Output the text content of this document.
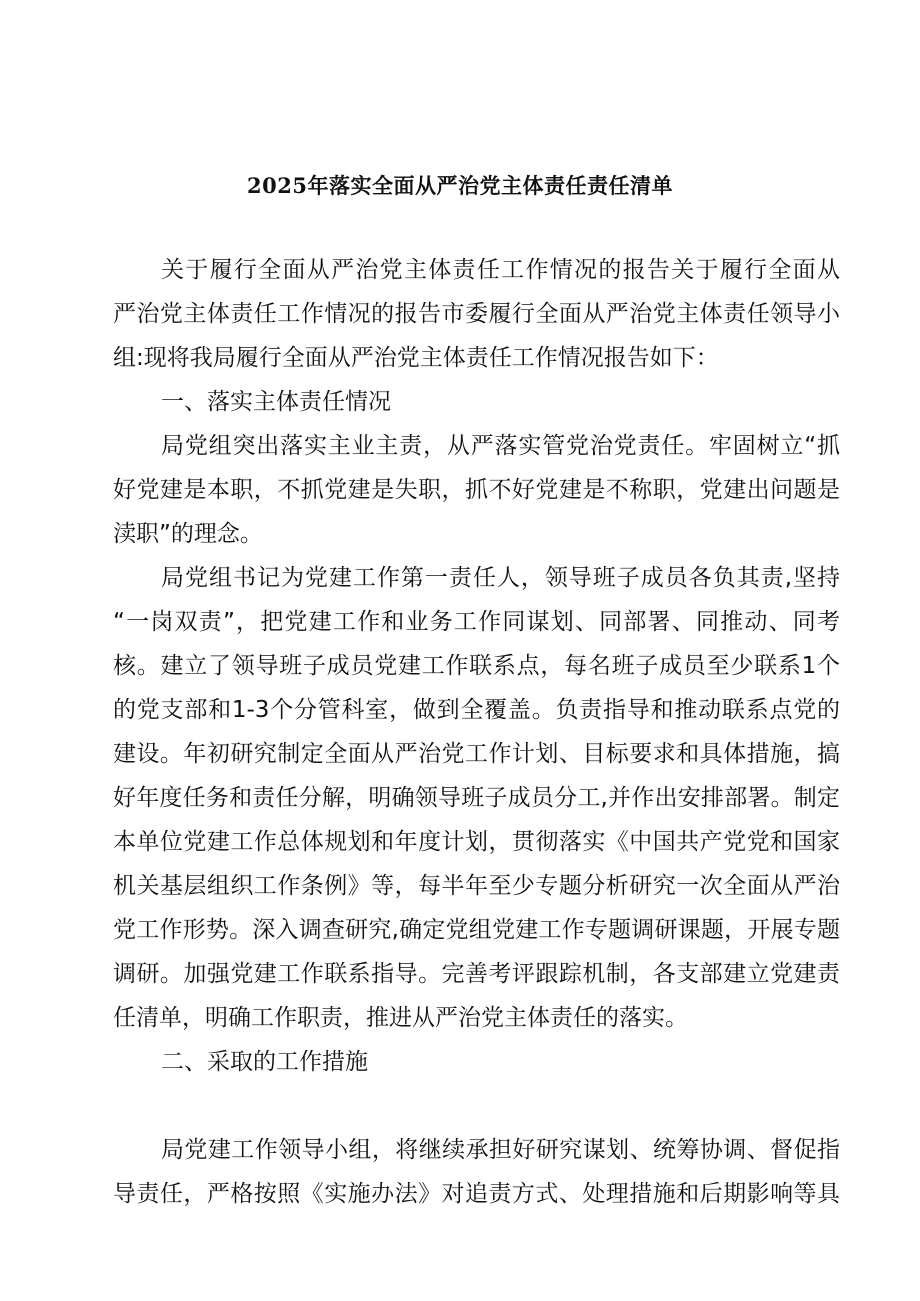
2025年落实全面从严治党主体责任责任清单
关于履行全面从严治党主体责任工作情况的报告关于履行全面从
严治党主体责任工作情况的报告市委履行全面从严治党主体责任领导小
组:现将我局履行全面从严治党主体责任工作情况报告如下：
一、落实主体责任情况
局党组突出落实主业主责，从严落实管党治党责任。牢固树立“抓
好党建是本职，不抓党建是失职，抓不好党建是不称职，党建出问题是
渎职”的理念。
局党组书记为党建工作第一责任人，领导班子成员各负其责,坚持
“一岗双责”，把党建工作和业务工作同谋划、同部署、同推动、同考
核。建立了领导班子成员党建工作联系点，每名班子成员至少联系1个
的党支部和1-3个分管科室，做到全覆盖。负责指导和推动联系点党的
建设。年初研究制定全面从严治党工作计划、目标要求和具体措施，搞
好年度任务和责任分解，明确领导班子成员分工,并作出安排部署。制定
本单位党建工作总体规划和年度计划，贯彻落实《中国共产党党和国家
机关基层组织工作条例》等，每半年至少专题分析研究一次全面从严治
党工作形势。深入调查研究,确定党组党建工作专题调研课题，开展专题
调研。加强党建工作联系指导。完善考评跟踪机制，各支部建立党建责
任清单，明确工作职责，推进从严治党主体责任的落实。
二、采取的工作措施
局党建工作领导小组，将继续承担好研究谋划、统筹协调、督促指
导责任，严格按照《实施办法》对追责方式、处理措施和后期影响等具
